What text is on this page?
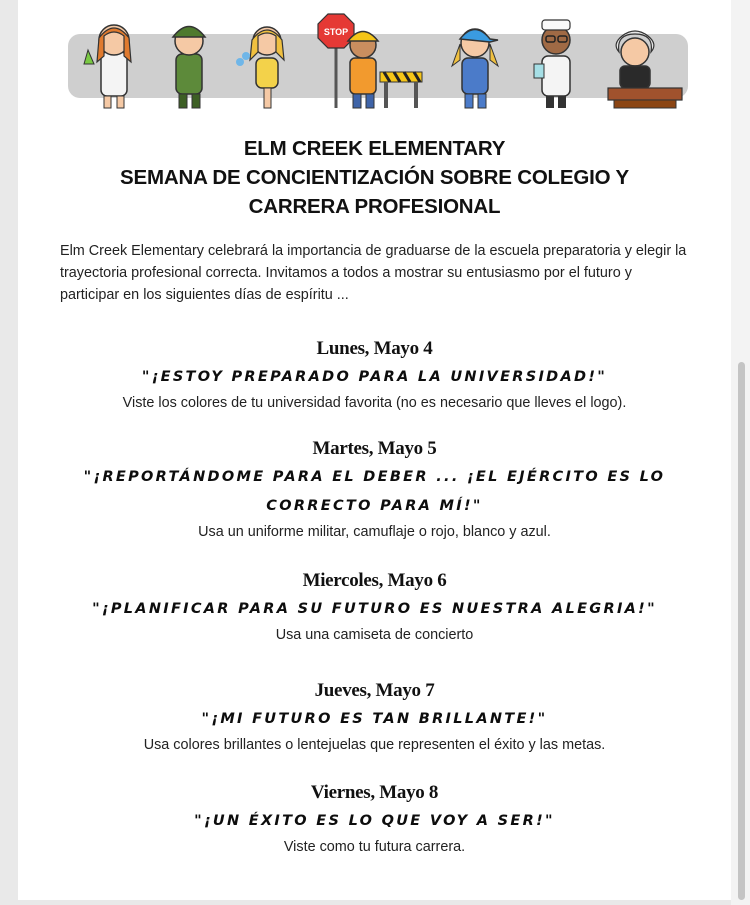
STOP
ELM CREEK ELEMENTARY
SEMANA DE CONCIENTIZACIÓN SOBRE COLEGIO Y
CARRERA PROFESIONAL
Elm Creek Elementary celebrará la importancia de graduarse de la escuela preparatoria y elegir la trayectoria profesional correcta. Invitamos a todos a mostrar su entusiasmo por el futuro y participar en los siguientes días de espíritu ...
Lunes, Mayo 4
"¡ESTOY PREPARADO PARA LA UNIVERSIDAD!"
Viste los colores de tu universidad favorita (no es necesario que lleves el logo).
Martes, Mayo 5
"¡REPORTÁNDOME PARA EL DEBER ... ¡EL EJÉRCITO ES LO CORRECTO PARA MÍ!"
Usa un uniforme militar, camuflaje o rojo, blanco y azul.
Miercoles, Mayo 6
"¡PLANIFICAR PARA SU FUTURO ES NUESTRA ALEGRIA!"
Usa una camiseta de concierto
Jueves, Mayo 7
"¡MI FUTURO ES TAN BRILLANTE!"
Usa colores brillantes o lentejuelas que representen el éxito y las metas.
Viernes, Mayo 8
"¡UN ÉXITO ES LO QUE VOY A SER!"
Viste como tu futura carrera.
